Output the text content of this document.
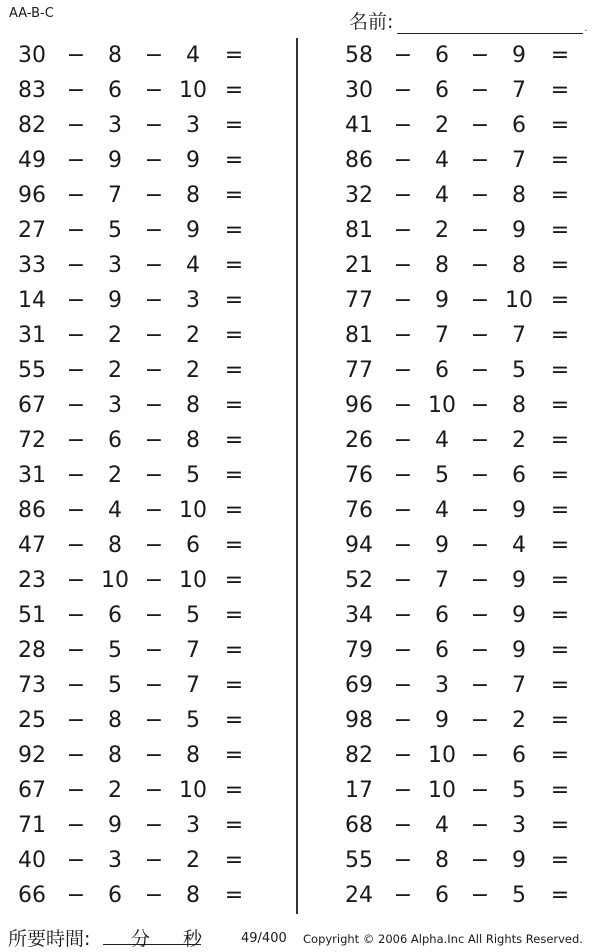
AA-B-C	名前:	.
30 −	8	−	4	=
83 −	6	− 10 =
82 −	3	−	3	=
49 −	9	−	9	=
96 −	7	−	8	=
27 −	5	−	9	=
33 −	3	−	4	=
14 −	9	−	3	=
31 −	2	−	2	=
55 −	2	−	2	=
67 −	3	−	8	=
72 −	6	−	8	=
31 −	2	−	5	=
86 −	4	− 10 =
47 −	8	−	6	=
23 − 10 − 10 =
51 −	6	−	5	=
28 −	5	−	7	=
73 −	5	−	7	=
25 −	8	−	5	=
92 −	8	−	8	=
67 −	2	− 10 =
71 −	9	−	3	=
40 −	3	−	2	=
66 −	6	−	8	=
58 −	6 −	9	=
30 −	6 −	7	=
41 −	2 −	6	=
86 −	4 −	7	=
32 −	4 −	8	=
81 −	2 −	9	=
21 −	8 −	8	=
77 −	9 − 10 =
81 −	7 −	7	=
77 −	6 −	5	=
96 − 10 −	8	=
26 −	4 −	2	=
76 −	5 −	6	=
76 −	4 −	9	=
94 −	9 −	4	=
52 −	7 −	9	=
34 −	6 −	9	=
79 −	6 −	9	=
69 −	3 −	7	=
98 −	9 −	2	=
82 − 10 −	6	=
17 − 10 −	5	=
68 −	4 −	3	=
55 −	8 −	9	=
24 −	6 −	5	=
所要時間: 分 秒	49/400 Copyright © 2006 Alpha.Inc All Rights Reserved.
